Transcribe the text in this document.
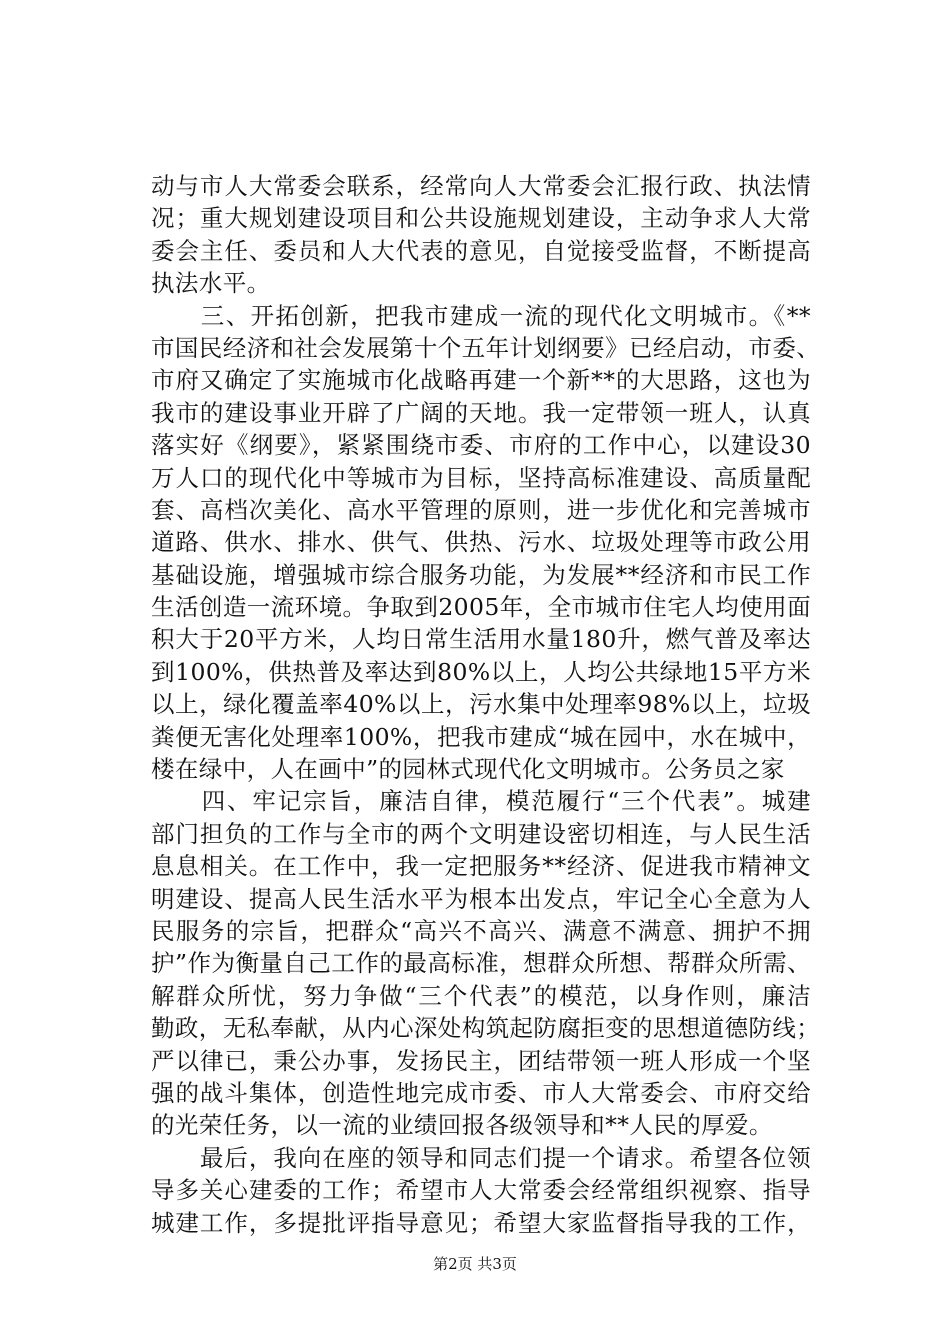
动与市人大常委会联系，经常向人大常委会汇报行政、执法情
况；重大规划建设项目和公共设施规划建设，主动争求人大常
委会主任、委员和人大代表的意见，自觉接受监督，不断提高
执法水平。
　　三、开拓创新，把我市建成一流的现代化文明城市。《**
市国民经济和社会发展第十个五年计划纲要》已经启动，市委、
市府又确定了实施城市化战略再建一个新**的大思路，这也为
我市的建设事业开辟了广阔的天地。我一定带领一班人，认真
落实好《纲要》，紧紧围绕市委、市府的工作中心，以建设30
万人口的现代化中等城市为目标，坚持高标准建设、高质量配
套、高档次美化、高水平管理的原则，进一步优化和完善城市
道路、供水、排水、供气、供热、污水、垃圾处理等市政公用
基础设施，增强城市综合服务功能，为发展**经济和市民工作
生活创造一流环境。争取到2005年，全市城市住宅人均使用面
积大于20平方米，人均日常生活用水量180升，燃气普及率达
到100%，供热普及率达到80%以上，人均公共绿地15平方米
以上，绿化覆盖率40%以上，污水集中处理率98%以上，垃圾
粪便无害化处理率100%，把我市建成“城在园中，水在城中，
楼在绿中，人在画中”的园林式现代化文明城市。公务员之家
　　四、牢记宗旨，廉洁自律，模范履行“三个代表”。城建
部门担负的工作与全市的两个文明建设密切相连，与人民生活
息息相关。在工作中，我一定把服务**经济、促进我市精神文
明建设、提高人民生活水平为根本出发点，牢记全心全意为人
民服务的宗旨，把群众“高兴不高兴、满意不满意、拥护不拥
护”作为衡量自己工作的最高标准，想群众所想、帮群众所需、
解群众所忧，努力争做“三个代表”的模范，以身作则，廉洁
勤政，无私奉献，从内心深处构筑起防腐拒变的思想道德防线；
严以律已，秉公办事，发扬民主，团结带领一班人形成一个坚
强的战斗集体，创造性地完成市委、市人大常委会、市府交给
的光荣任务，以一流的业绩回报各级领导和**人民的厚爱。
　　最后，我向在座的领导和同志们提一个请求。希望各位领
导多关心建委的工作；希望市人大常委会经常组织视察、指导
城建工作，多提批评指导意见；希望大家监督指导我的工作，
第2页 共3页
